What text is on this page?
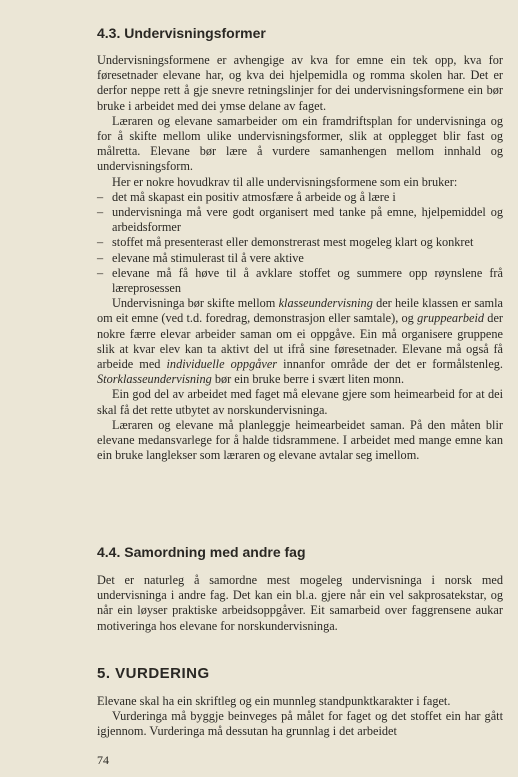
4.3. Undervisningsformer

Undervisningsformene er avhengige av kva for emne ein tek opp, kva for føresetnader elevane har, og kva dei hjelpemidla og romma skolen har. Det er derfor neppe rett å gje snevre retningslinjer for dei undervisningsformene ein bør bruke i arbeidet med dei ymse delane av faget.

Læraren og elevane samarbeider om ein framdriftsplan for undervisninga og for å skifte mellom ulike undervisningsformer, slik at opplegget blir fast og målretta. Elevane bør lære å vurdere samanhengen mellom innhald og undervisningsform.

Her er nokre hovudkrav til alle undervisningsformene som ein bruker:

– det må skapast ein positiv atmosfære å arbeide og å lære i
– undervisninga må vere godt organisert med tanke på emne, hjelpemiddel og arbeidsformer
– stoffet må presenterast eller demonstrerast mest mogeleg klart og konkret
– elevane må stimulerast til å vere aktive
– elevane må få høve til å avklare stoffet og summere opp røynslene frå læreprosessen

Undervisninga bør skifte mellom klasseundervisning der heile klassen er samla om eit emne (ved t.d. foredrag, demonstrasjon eller samtale), og gruppearbeid der nokre færre elevar arbeider saman om ei oppgåve. Ein må organisere gruppene slik at kvar elev kan ta aktivt del ut ifrå sine føresetnader. Elevane må også få arbeide med individuelle oppgåver innanfor område der det er formålstenleg. Storklasseundervisning bør ein bruke berre i svært liten monn.

Ein god del av arbeidet med faget må elevane gjere som heimearbeid for at dei skal få det rette utbytet av norskundervisninga.

Læraren og elevane må planleggje heimearbeidet saman. På den måten blir elevane medansvarlege for å halde tidsrammene. I arbeidet med mange emne kan ein bruke langlekser som læraren og elevane avtalar seg imellom.

4.4. Samordning med andre fag

Det er naturleg å samordne mest mogeleg undervisninga i norsk med undervisninga i andre fag. Det kan ein bl.a. gjere når ein vel sakprosatekstar, og når ein løyser praktiske arbeidsoppgåver. Eit samarbeid over faggrensene aukar motiveringa hos elevane for norskundervisninga.

5. VURDERING

Elevane skal ha ein skriftleg og ein munnleg standpunktkarakter i faget.

Vurderinga må byggje beinveges på målet for faget og det stoffet ein har gått igjennom. Vurderinga må dessutan ha grunnlag i det arbeidet

74
